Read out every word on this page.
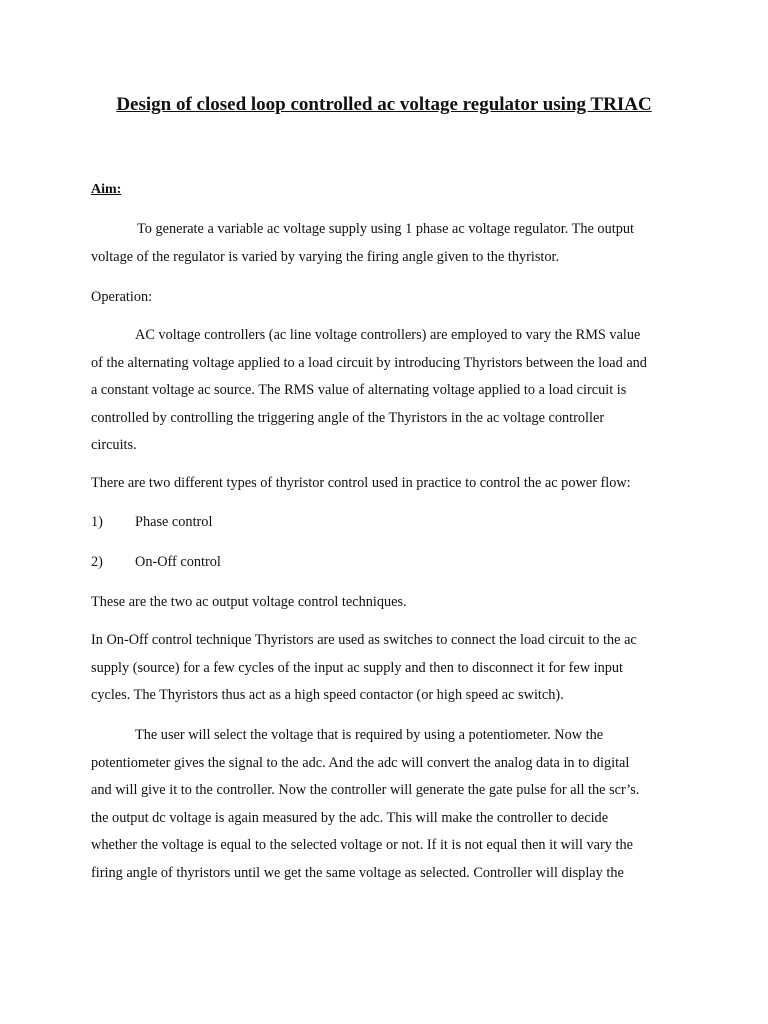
Design of closed loop controlled ac voltage regulator using TRIAC

Aim:

To generate a variable ac voltage supply using 1 phase ac voltage regulator. The output
voltage of the regulator is varied by varying the firing angle given to the thyristor.
Operation:
AC voltage controllers (ac line voltage controllers) are employed to vary the RMS value
of the alternating voltage applied to a load circuit by introducing Thyristors between the load and
a constant voltage ac source. The RMS value of alternating voltage applied to a load circuit is
controlled by controlling the triggering angle of the Thyristors in the ac voltage controller
circuits.
There are two different types of thyristor control used in practice to control the ac power flow:
1) Phase control
2) On-Off control
These are the two ac output voltage control techniques.
In On-Off control technique Thyristors are used as switches to connect the load circuit to the ac
supply (source) for a few cycles of the input ac supply and then to disconnect it for few input
cycles. The Thyristors thus act as a high speed contactor (or high speed ac switch).
The user will select the voltage that is required by using a potentiometer. Now the
potentiometer gives the signal to the adc. And the adc will convert the analog data in to digital
and will give it to the controller. Now the controller will generate the gate pulse for all the scr’s.
the output dc voltage is again measured by the adc. This will make the controller to decide
whether the voltage is equal to the selected voltage or not. If it is not equal then it will vary the
firing angle of thyristors until we get the same voltage as selected. Controller will display the
